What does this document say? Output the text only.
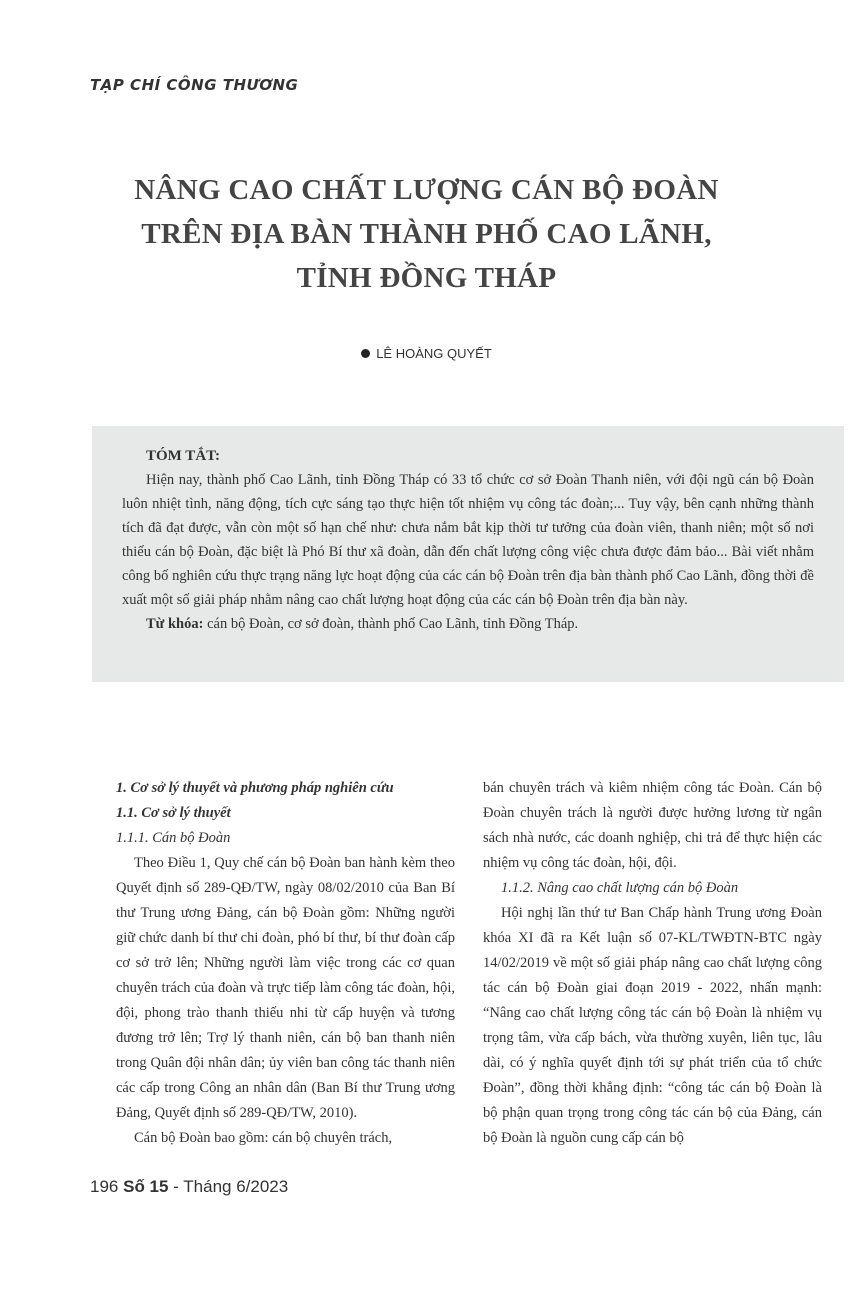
TẠP CHÍ CÔNG THƯƠNG
NÂNG CAO CHẤT LƯỢNG CÁN BỘ ĐOÀN
TRÊN ĐỊA BÀN THÀNH PHỐ CAO LÃNH,
TỈNH ĐỒNG THÁP
LÊ HOÀNG QUYẾT
TÓM TẮT:

Hiện nay, thành phố Cao Lãnh, tỉnh Đồng Tháp có 33 tổ chức cơ sở Đoàn Thanh niên, với đội ngũ cán bộ Đoàn luôn nhiệt tình, năng động, tích cực sáng tạo thực hiện tốt nhiệm vụ công tác đoàn;... Tuy vậy, bên cạnh những thành tích đã đạt được, vẫn còn một số hạn chế như: chưa nắm bắt kịp thời tư tưởng của đoàn viên, thanh niên; một số nơi thiếu cán bộ Đoàn, đặc biệt là Phó Bí thư xã đoàn, dẫn đến chất lượng công việc chưa được đảm bảo... Bài viết nhằm công bố nghiên cứu thực trạng năng lực hoạt động của các cán bộ Đoàn trên địa bàn thành phố Cao Lãnh, đồng thời đề xuất một số giải pháp nhằm nâng cao chất lượng hoạt động của các cán bộ Đoàn trên địa bàn này.

Từ khóa: cán bộ Đoàn, cơ sở đoàn, thành phố Cao Lãnh, tỉnh Đồng Tháp.

1. Cơ sở lý thuyết và phương pháp nghiên cứu

1.1. Cơ sở lý thuyết

1.1.1. Cán bộ Đoàn

Theo Điều 1, Quy chế cán bộ Đoàn ban hành kèm theo Quyết định số 289-QĐ/TW, ngày 08/02/2010 của Ban Bí thư Trung ương Đảng, cán bộ Đoàn gồm: Những người giữ chức danh bí thư chi đoàn, phó bí thư, bí thư đoàn cấp cơ sở trở lên; Những người làm việc trong các cơ quan chuyên trách của đoàn và trực tiếp làm công tác đoàn, hội, đội, phong trào thanh thiếu nhi từ cấp huyện và tương đương trở lên; Trợ lý thanh niên, cán bộ ban thanh niên trong Quân đội nhân dân; ủy viên ban công tác thanh niên các cấp trong Công an nhân dân (Ban Bí thư Trung ương Đảng, Quyết định số 289-QĐ/TW, 2010).

Cán bộ Đoàn bao gồm: cán bộ chuyên trách,

bán chuyên trách và kiêm nhiệm công tác Đoàn. Cán bộ Đoàn chuyên trách là người được hưởng lương từ ngân sách nhà nước, các doanh nghiệp, chi trả để thực hiện các nhiệm vụ công tác đoàn, hội, đội.

1.1.2. Nâng cao chất lượng cán bộ Đoàn

Hội nghị lần thứ tư Ban Chấp hành Trung ương Đoàn khóa XI đã ra Kết luận số 07-KL/TWĐTN-BTC ngày 14/02/2019 về một số giải pháp nâng cao chất lượng công tác cán bộ Đoàn giai đoạn 2019 - 2022, nhấn mạnh: “Nâng cao chất lượng công tác cán bộ Đoàn là nhiệm vụ trọng tâm, vừa cấp bách, vừa thường xuyên, liên tục, lâu dài, có ý nghĩa quyết định tới sự phát triển của tổ chức Đoàn”, đồng thời khẳng định: “công tác cán bộ Đoàn là bộ phận quan trọng trong công tác cán bộ của Đảng, cán bộ Đoàn là nguồn cung cấp cán bộ

196 Số 15 - Tháng 6/2023
